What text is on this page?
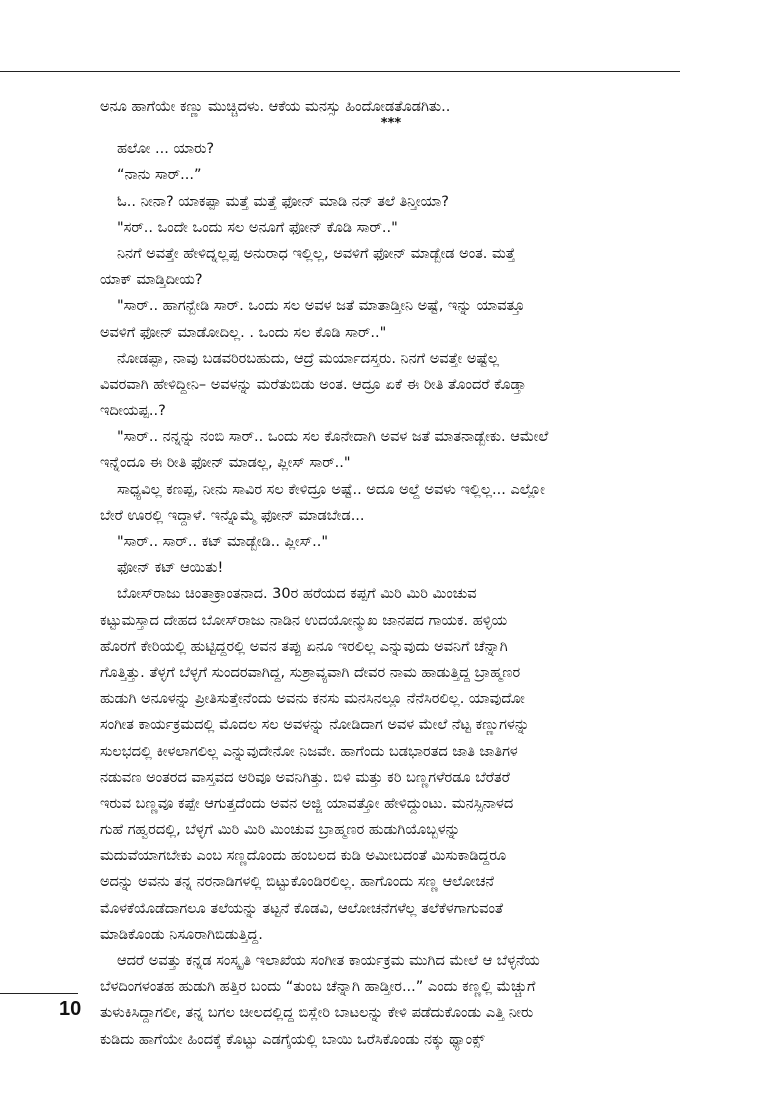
ಅನೂ ಹಾಗೆಯೇ ಕಣ್ಣು ಮುಚ್ಚಿದಳು. ಆಕೆಯ ಮನಸ್ಸು ಹಿಂದೋಡತೊಡಗಿತು..

***

ಹಲೋ ... ಯಾರು?

“ನಾನು ಸಾರ್...”

ಓ.. ನೀನಾ? ಯಾಕಪ್ಪಾ ಮತ್ತೆ ಮತ್ತೆ ಫೋನ್ ಮಾಡಿ ನನ್ ತಲೆ ತಿನ್ತೀಯಾ?

"ಸರ್.. ಒಂದೇ ಒಂದು ಸಲ ಅನೂಗೆ ಫೋನ್ ಕೊಡಿ ಸಾರ್.."

ನಿನಗೆ ಅವತ್ತೇ ಹೇಳಿದ್ನಲ್ಲಪ್ಪ ಅನುರಾಧ ಇಲ್ಲಿಲ್ಲ, ಅವಳಿಗೆ ಫೋನ್ ಮಾಡ್ಬೇಡ ಅಂತ. ಮತ್ತೆ

ಯಾಕ್ ಮಾಡ್ತಿದೀಯ?

"ಸಾರ್.. ಹಾಗನ್ಬೇಡಿ ಸಾರ್. ಒಂದು ಸಲ ಅವಳ ಜತೆ ಮಾತಾಡ್ತೀನಿ ಅಷ್ಟೆ, ಇನ್ನು ಯಾವತ್ತೂ

ಅವಳಿಗೆ ಫೋನ್ ಮಾಡೋದಿಲ್ಲ. . ಒಂದು ಸಲ ಕೊಡಿ ಸಾರ್.."

ನೋಡಪ್ಪಾ, ನಾವು ಬಡವರಿರಬಹುದು, ಆದ್ರೆ ಮರ್ಯಾದಸ್ತರು. ನಿನಗೆ ಅವತ್ತೇ ಅಷ್ಟೆಲ್ಲ

ವಿವರವಾಗಿ ಹೇಳಿದ್ದೀನಿ– ಅವಳನ್ನು ಮರೆತುಬಿಡು ಅಂತ. ಆದ್ರೂ ಏಕೆ ಈ ರೀತಿ ತೊಂದರೆ ಕೊಡ್ತಾ

ಇದೀಯಪ್ಪ..?

"ಸಾರ್.. ನನ್ನನ್ನು ನಂಬಿ ಸಾರ್.. ಒಂದು ಸಲ ಕೊನೇದಾಗಿ ಅವಳ ಜತೆ ಮಾತನಾಡ್ಬೇಕು. ಆಮೇಲೆ

ಇನ್ನೆಂದೂ ಈ ರೀತಿ ಫೋನ್ ಮಾಡಲ್ಲ, ಪ್ಲೀಸ್ ಸಾರ್.."

ಸಾಧ್ಯವಿಲ್ಲ ಕಣಪ್ಪ, ನೀನು ಸಾವಿರ ಸಲ ಕೇಳಿದ್ರೂ ಅಷ್ಟೆ.. ಅದೂ ಅಲ್ದೆ ಅವಳು ಇಲ್ಲಿಲ್ಲ... ಎಲ್ಲೋ

ಬೇರೆ ಊರಲ್ಲಿ ಇದ್ದಾಳೆ. ಇನ್ನೊಮ್ಮೆ ಫೋನ್ ಮಾಡಬೇಡ...

"ಸಾರ್.. ಸಾರ್.. ಕಟ್ ಮಾಡ್ಬೇಡಿ.. ಪ್ಲೀಸ್.."

ಫೋನ್ ಕಟ್ ಆಯಿತು!

ಬೋಸ್‌ರಾಜು ಚಿಂತಾಕ್ರಾಂತನಾದ. 30ರ ಹರೆಯದ ಕಪ್ಪಗೆ ಮಿರಿ ಮಿರಿ ಮಿಂಚುವ

ಕಟ್ಟುಮಸ್ತಾದ ದೇಹದ ಬೋಸ್‌ರಾಜು ನಾಡಿನ ಉದಯೋನ್ಮುಖ ಜಾನಪದ ಗಾಯಕ. ಹಳ್ಳಿಯ

ಹೊರಗೆ ಕೇರಿಯಲ್ಲಿ ಹುಟ್ಟಿದ್ದರಲ್ಲಿ ಅವನ ತಪ್ಪು ಏನೂ ಇರಲಿಲ್ಲ ಎನ್ನುವುದು ಅವನಿಗೆ ಚೆನ್ನಾಗಿ

ಗೊತ್ತಿತ್ತು. ತೆಳ್ಳಗೆ ಬೆಳ್ಳಗೆ ಸುಂದರವಾಗಿದ್ದ, ಸುಶ್ರಾವ್ಯವಾಗಿ ದೇವರ ನಾಮ ಹಾಡುತ್ತಿದ್ದ ಬ್ರಾಹ್ಮಣರ

ಹುಡುಗಿ ಅನೂಳನ್ನು ಪ್ರೀತಿಸುತ್ತೇನೆಂದು ಅವನು ಕನಸು ಮನಸಿನಲ್ಲೂ ನೆನೆಸಿರಲಿಲ್ಲ. ಯಾವುದೋ

ಸಂಗೀತ ಕಾರ್ಯಕ್ರಮದಲ್ಲಿ ಮೊದಲ ಸಲ ಅವಳನ್ನು ನೋಡಿದಾಗ ಅವಳ ಮೇಲೆ ನೆಟ್ಟ ಕಣ್ಣುಗಳನ್ನು

ಸುಲಭದಲ್ಲಿ ಕೀಳಲಾಗಲಿಲ್ಲ ಎನ್ನುವುದೇನೋ ನಿಜವೇ. ಹಾಗೆಂದು ಬಡಭಾರತದ ಜಾತಿ ಜಾತಿಗಳ

ನಡುವಣ ಅಂತರದ ವಾಸ್ತವದ ಅರಿವೂ ಅವನಿಗಿತ್ತು. ಬಿಳಿ ಮತ್ತು ಕರಿ ಬಣ್ಣಗಳೆರಡೂ ಬೆರೆತರೆ

ಇರುವ ಬಣ್ಣವೂ ಕಪ್ಪೇ ಆಗುತ್ತದೆಂದು ಅವನ ಅಜ್ಜಿ ಯಾವತ್ತೋ ಹೇಳಿದ್ದುಂಟು. ಮನಸ್ಸಿನಾಳದ

ಗುಹೆ ಗಹ್ವರದಲ್ಲಿ, ಬೆಳ್ಳಗೆ ಮಿರಿ ಮಿರಿ ಮಿಂಚುವ ಬ್ರಾಹ್ಮಣರ ಹುಡುಗಿಯೊಬ್ಬಳನ್ನು

ಮದುವೆಯಾಗಬೇಕು ಎಂಬ ಸಣ್ಣದೊಂದು ಹಂಬಲದ ಕುಡಿ ಅಮೀಬದಂತೆ ಮಿಸುಕಾಡಿದ್ದರೂ

ಅದನ್ನು ಅವನು ತನ್ನ ನರನಾಡಿಗಳಲ್ಲಿ ಬಿಟ್ಟುಕೊಂಡಿರಲಿಲ್ಲ. ಹಾಗೊಂದು ಸಣ್ಣ ಆಲೋಚನೆ

ಮೊಳಕೆಯೊಡೆದಾಗಲೂ ತಲೆಯನ್ನು ತಟ್ಟನೆ ಕೊಡವಿ, ಆಲೋಚನೆಗಳೆಲ್ಲ ತಲೆಕೆಳಗಾಗುವಂತೆ

ಮಾಡಿಕೊಂಡು ನಿಸೂರಾಗಿಬಿಡುತ್ತಿದ್ದ.

ಆದರೆ ಅವತ್ತು ಕನ್ನಡ ಸಂಸ್ಕೃತಿ ಇಲಾಖೆಯ ಸಂಗೀತ ಕಾರ್ಯಕ್ರಮ ಮುಗಿದ ಮೇಲೆ ಆ ಬೆಳ್ಳನೆಯ

ಬೆಳದಿಂಗಳಂತಹ ಹುಡುಗಿ ಹತ್ತಿರ ಬಂದು “ತುಂಬ ಚೆನ್ನಾಗಿ ಹಾಡ್ತೀರ...” ಎಂದು ಕಣ್ಣಲ್ಲಿ ಮೆಚ್ಚುಗೆ

ತುಳುಕಿಸಿದ್ದಾಗಲೀ, ತನ್ನ ಬಗಲ ಚೀಲದಲ್ಲಿದ್ದ ಬಿಸ್ಲೇರಿ ಬಾಟಲನ್ನು ಕೇಳಿ ಪಡೆದುಕೊಂಡು ಎತ್ತಿ ನೀರು

ಕುಡಿದು ಹಾಗೆಯೇ ಹಿಂದಕ್ಕೆ ಕೊಟ್ಟು ಎಡಗೈಯಲ್ಲಿ ಬಾಯಿ ಒರೆಸಿಕೊಂಡು ನಕ್ಕು ಥ್ಯಾಂಕ್ಸ್

10
